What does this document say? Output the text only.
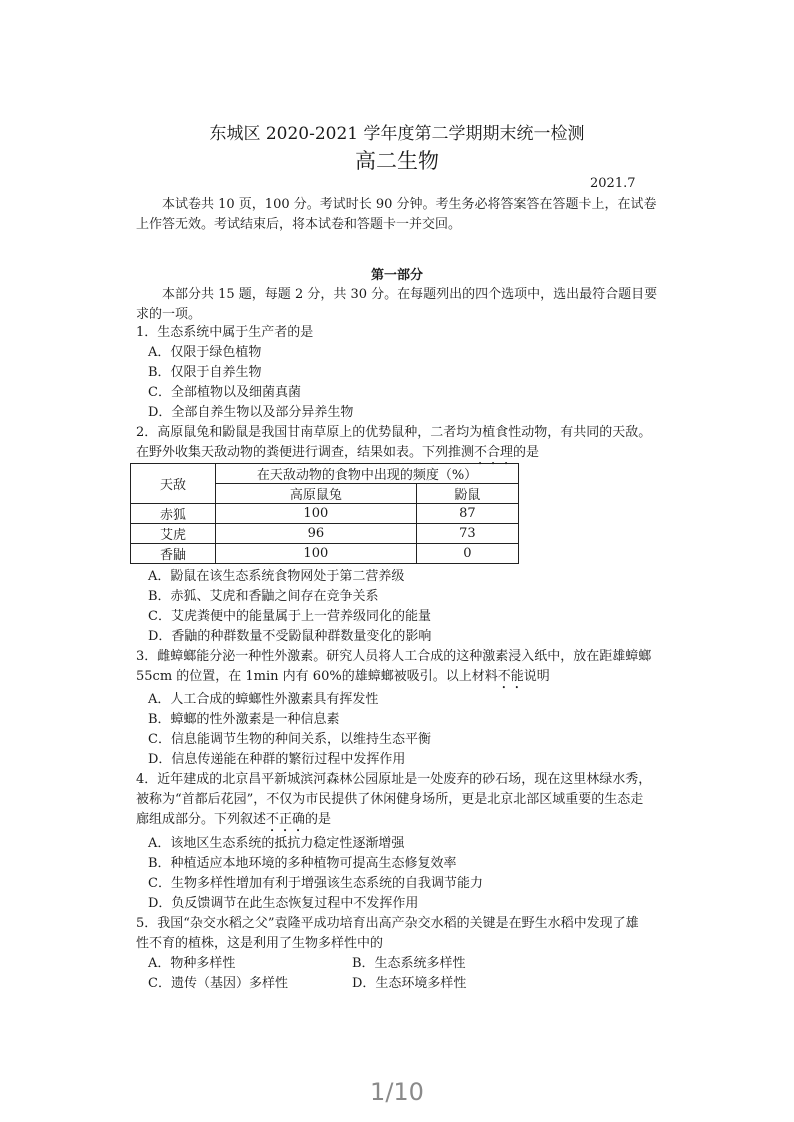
东城区 2020-2021 学年度第二学期期末统一检测
高二生物
2021.7
本试卷共 10 页，100 分。考试时长 90 分钟。考生务必将答案答在答题卡上，在试卷上作答无效。考试结束后，将本试卷和答题卡一并交回。
第一部分
本部分共 15 题，每题 2 分，共 30 分。在每题列出的四个选项中，选出最符合题目要求的一项。
1．生态系统中属于生产者的是
A．仅限于绿色植物
B．仅限于自养生物
C．全部植物以及细菌真菌
D．全部自养生物以及部分异养生物
2．高原鼠兔和鼢鼠是我国甘南草原上的优势鼠种，二者均为植食性动物，有共同的天敌。
在野外收集天敌动物的粪便进行调查，结果如表。下列推测不合理的是
天敌	在天敌动物的食物中出现的频度（%）	
	高原鼠兔	鼢鼠
赤狐	100	87
艾虎	96	73
香鼬	100	0
A．鼢鼠在该生态系统食物网处于第二营养级
B．赤狐、艾虎和香鼬之间存在竞争关系
C．艾虎粪便中的能量属于上一营养级同化的能量
D．香鼬的种群数量不受鼢鼠种群数量变化的影响
3．雌蟑螂能分泌一种性外激素。研究人员将人工合成的这种激素浸入纸中，放在距雄蟑螂
55cm 的位置，在 1min 内有 60%的雄蟑螂被吸引。以上材料不能说明
A．人工合成的蟑螂性外激素具有挥发性
B．蟑螂的性外激素是一种信息素
C．信息能调节生物的种间关系，以维持生态平衡
D．信息传递能在种群的繁衍过程中发挥作用
4．近年建成的北京昌平新城滨河森林公园原址是一处废弃的砂石场，现在这里林绿水秀，
被称为“首都后花园”，不仅为市民提供了休闲健身场所，更是北京北部区域重要的生态走
廊组成部分。下列叙述不正确的是
A．该地区生态系统的抵抗力稳定性逐渐增强
B．种植适应本地环境的多种植物可提高生态修复效率
C．生物多样性增加有利于增强该生态系统的自我调节能力
D．负反馈调节在此生态恢复过程中不发挥作用
5．我国“杂交水稻之父”袁隆平成功培育出高产杂交水稻的关键是在野生水稻中发现了雄
性不育的植株，这是利用了生物多样性中的
A．物种多样性	B．生态系统多样性
C．遗传（基因）多样性	D．生态环境多样性
1/10
